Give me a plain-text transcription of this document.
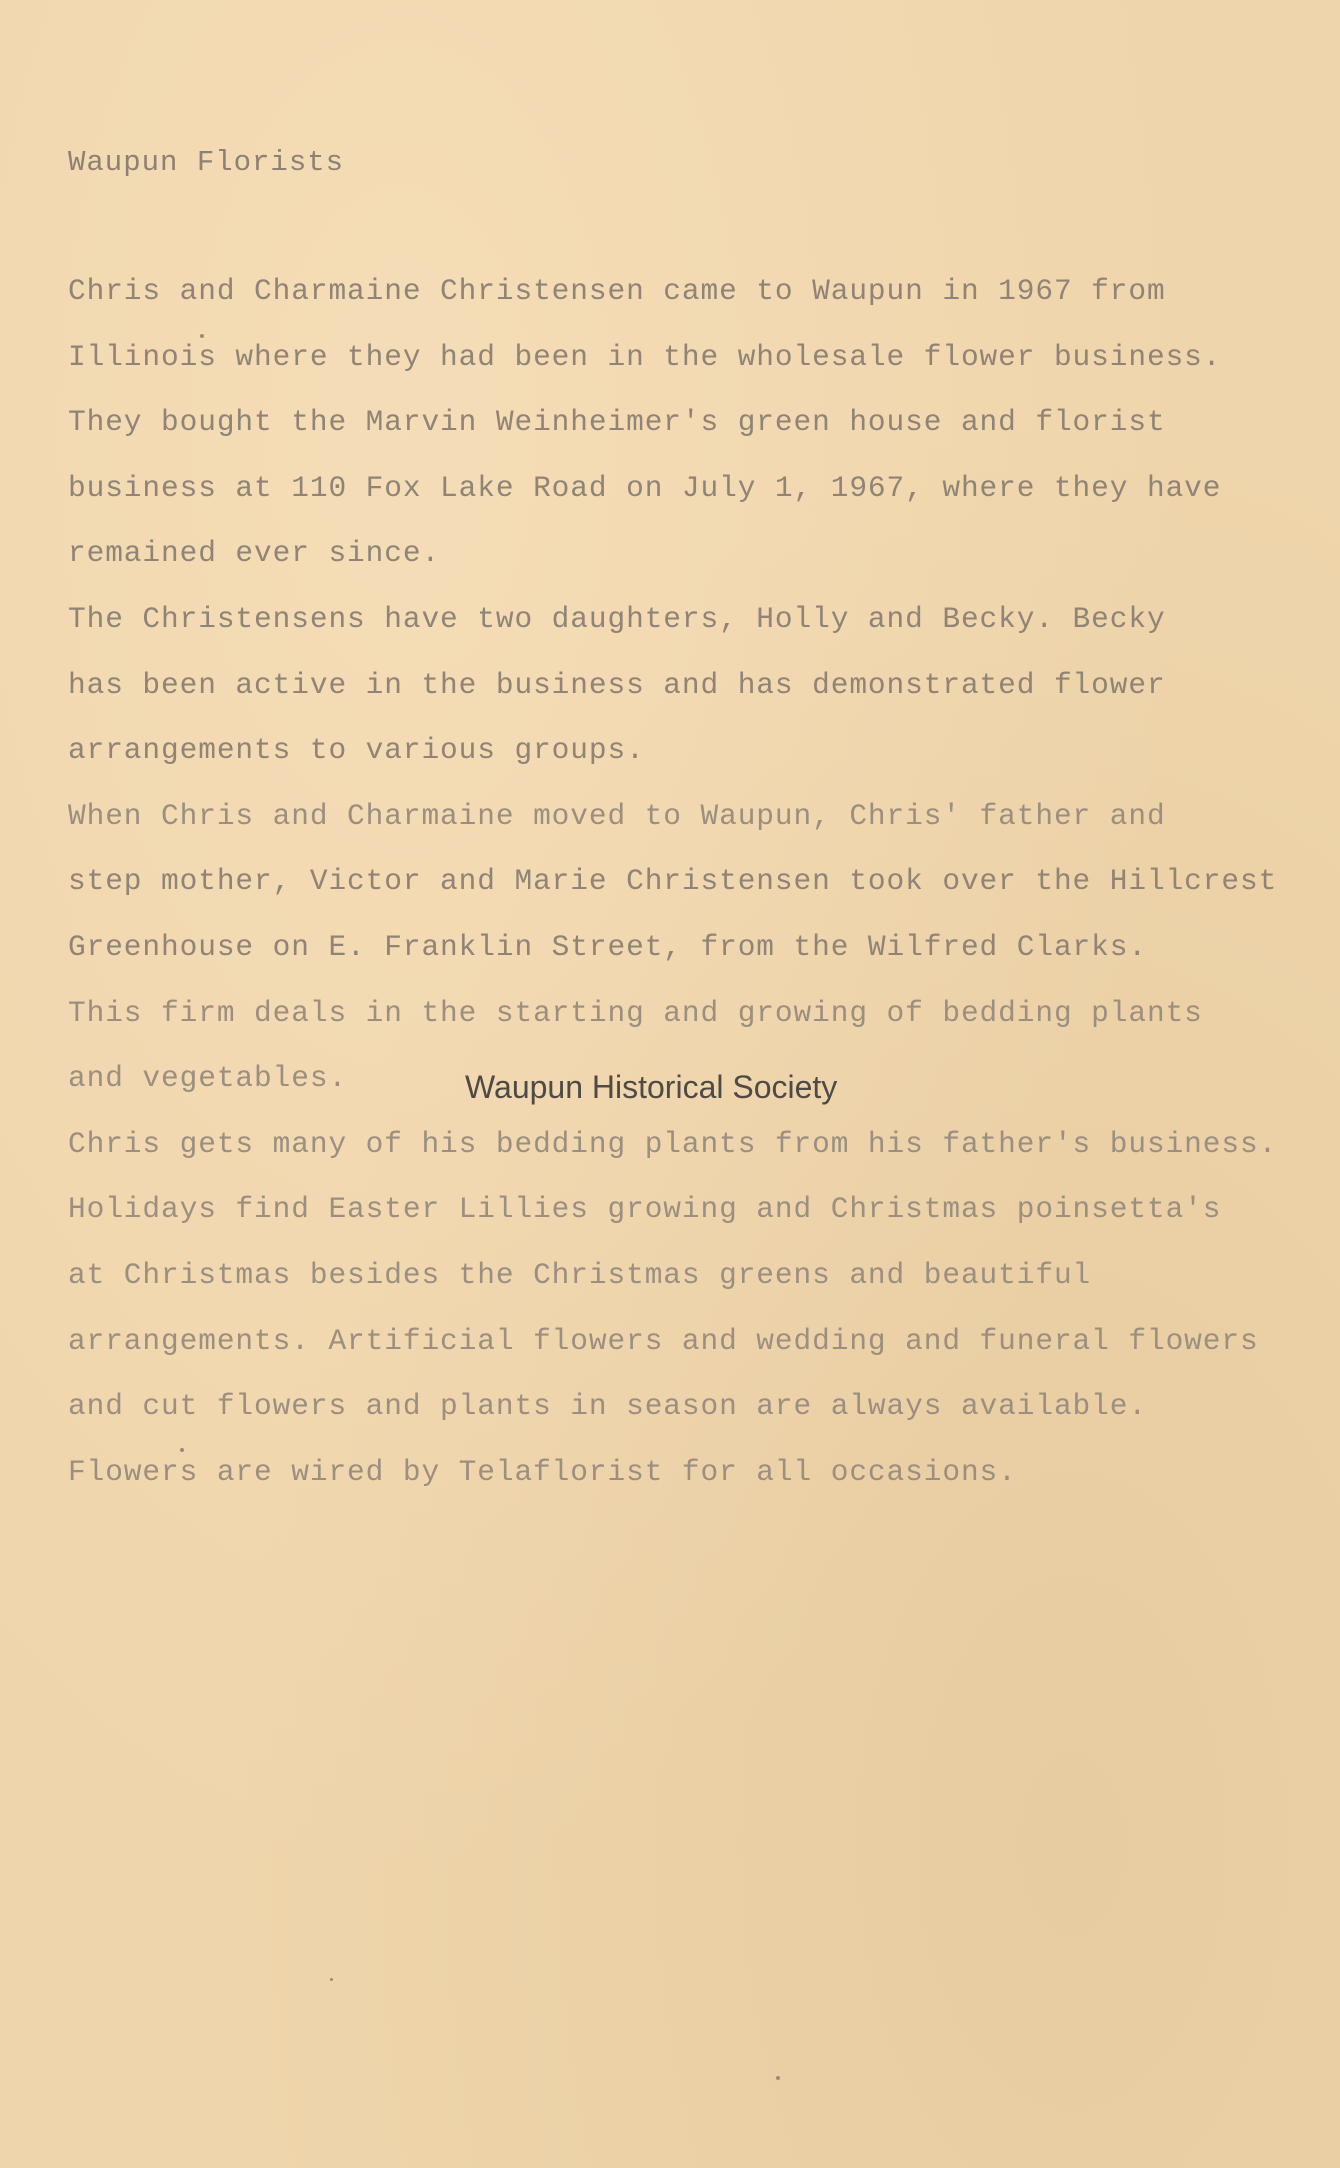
Waupun Florists
Chris and Charmaine Christensen came to Waupun in 1967 from
Illinois where they had been in the wholesale flower business.
They bought the Marvin Weinheimer's green house and florist
business at 110 Fox Lake Road on July 1, 1967, where they have
remained ever since.
The Christensens have two daughters, Holly and Becky. Becky
has been active in the business and has demonstrated flower
arrangements to various groups.
When Chris and Charmaine moved to Waupun, Chris' father and
step mother, Victor and Marie Christensen took over the Hillcrest
Greenhouse on E. Franklin Street, from the Wilfred Clarks.
This firm deals in the starting and growing of bedding plants
and vegetables.
Chris gets many of his bedding plants from his father's business.
Holidays find Easter Lillies growing and Christmas poinsetta's
at Christmas besides the Christmas greens and beautiful
arrangements. Artificial flowers and wedding and funeral flowers
and cut flowers and plants in season are always available.
Flowers are wired by Telaflorist for all occasions.
Waupun Historical Society
